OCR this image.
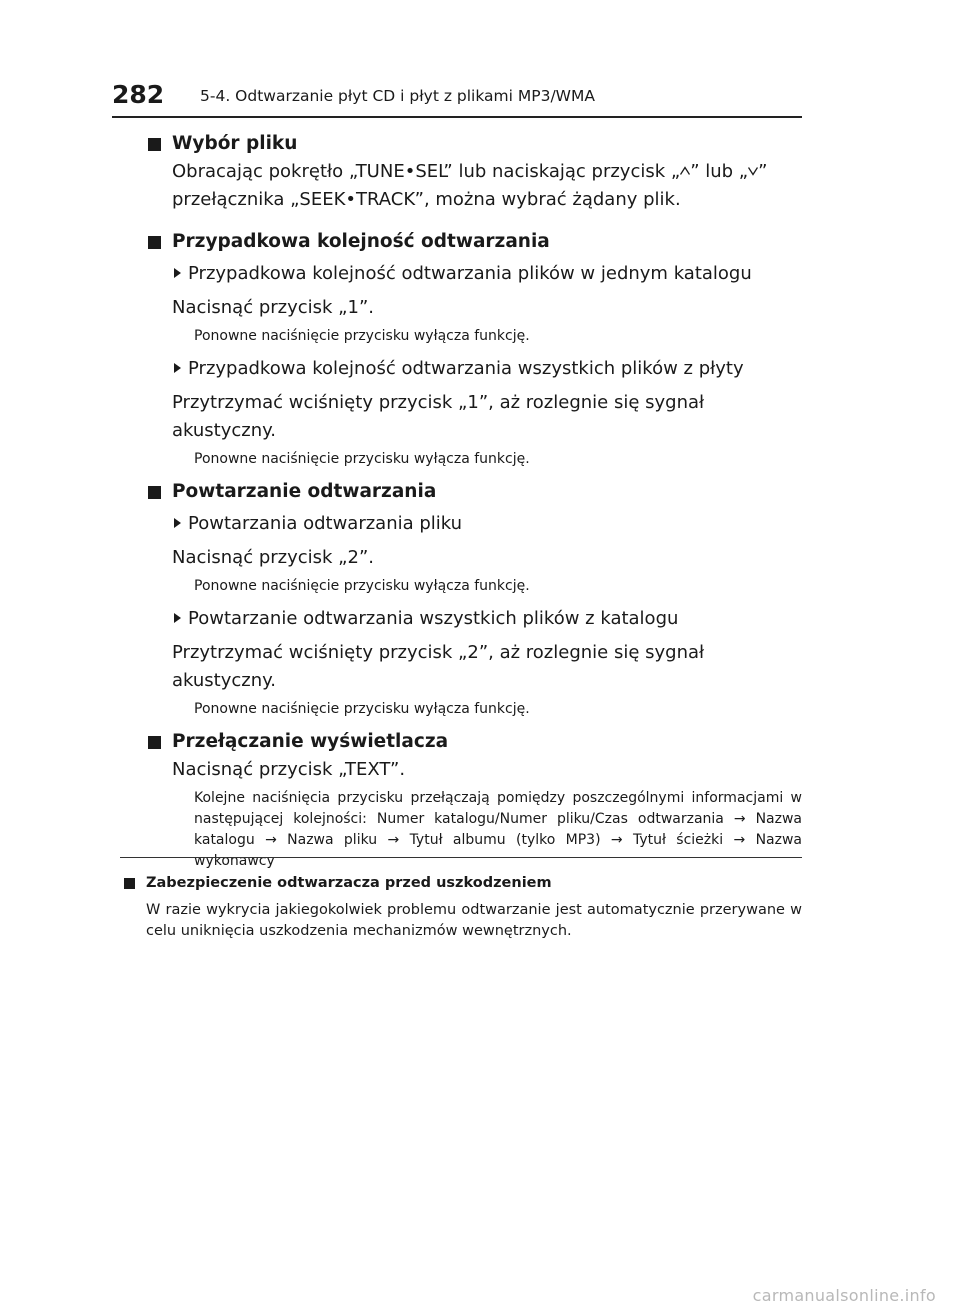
282 5-4. Odtwarzanie płyt CD i płyt z plikami MP3/WMA
Wybór pliku
Obracając pokrętło „TUNE•SEL” lub naciskając przycisk „ ” lub „ ”
przełącznika „SEEK•TRACK”, można wybrać żądany plik.
Przypadkowa kolejność odtwarzania
Przypadkowa kolejność odtwarzania plików w jednym katalogu
Nacisnąć przycisk „1”.
Ponowne naciśnięcie przycisku wyłącza funkcję.
Przypadkowa kolejność odtwarzania wszystkich plików z płyty
Przytrzymać wciśnięty przycisk „1”, aż rozlegnie się sygnał akustyczny.
Ponowne naciśnięcie przycisku wyłącza funkcję.
Powtarzanie odtwarzania
Powtarzania odtwarzania pliku
Nacisnąć przycisk „2”.
Ponowne naciśnięcie przycisku wyłącza funkcję.
Powtarzanie odtwarzania wszystkich plików z katalogu
Przytrzymać wciśnięty przycisk „2”, aż rozlegnie się sygnał akustyczny.
Ponowne naciśnięcie przycisku wyłącza funkcję.
Przełączanie wyświetlacza
Nacisnąć przycisk „TEXT”.
Kolejne naciśnięcia przycisku przełączają pomiędzy poszczególnymi informacjami w następującej kolejności: Numer katalogu/Numer pliku/Czas odtwarzania → Nazwa katalogu → Nazwa pliku → Tytuł albumu (tylko MP3) → Tytuł ścieżki → Nazwa wykonawcy
Zabezpieczenie odtwarzacza przed uszkodzeniem
W razie wykrycia jakiegokolwiek problemu odtwarzanie jest automatycznie przerywane w celu uniknięcia uszkodzenia mechanizmów wewnętrznych.
carmanualsonline.info
